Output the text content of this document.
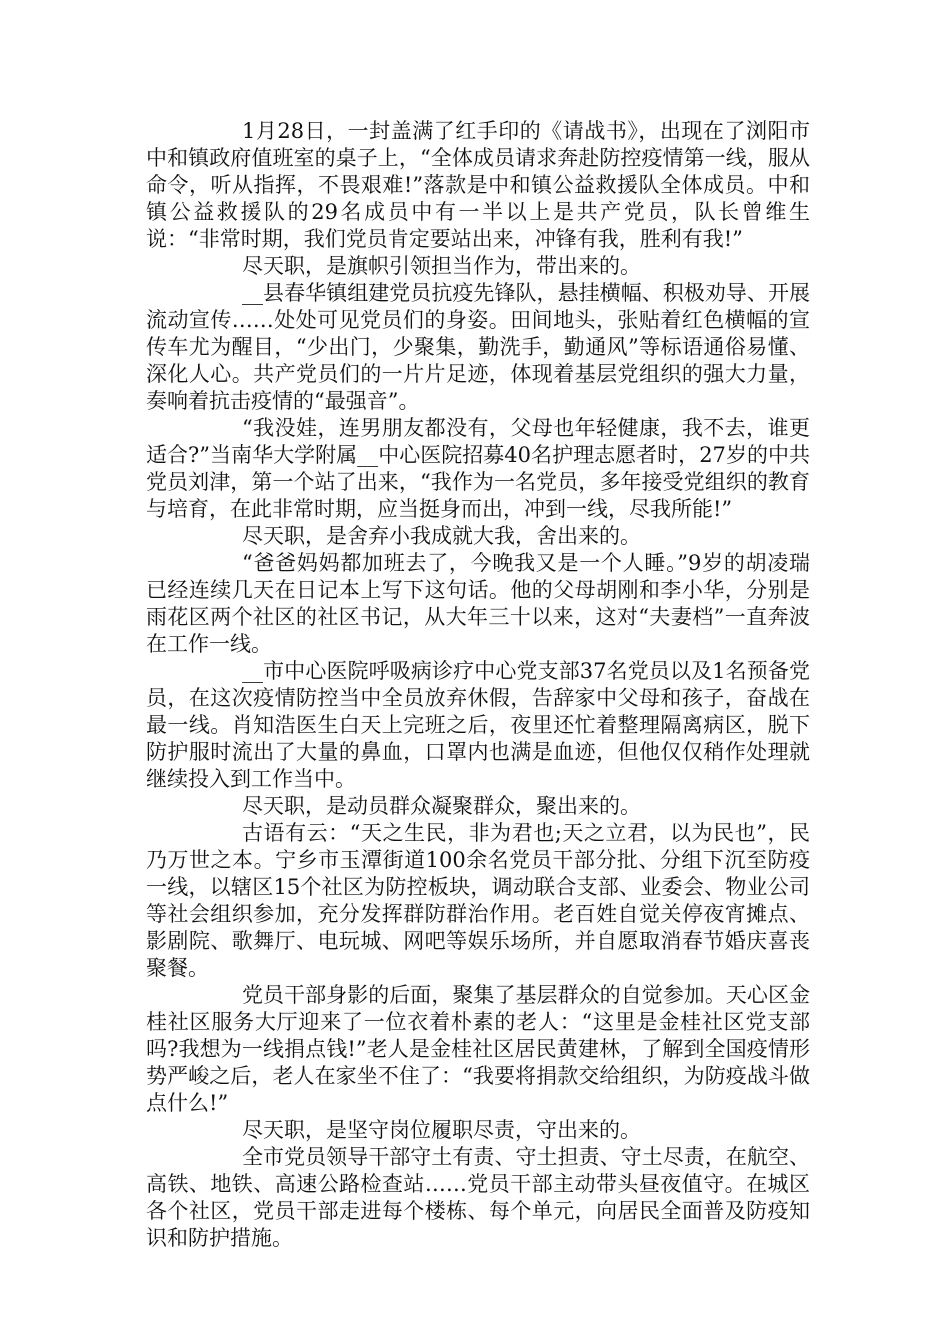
1月28日，一封盖满了红手印的《请战书》，出现在了浏阳市中和镇政府值班室的桌子上，“全体成员请求奔赴防控疫情第一线，服从命令，听从指挥，不畏艰难!”落款是中和镇公益救援队全体成员。中和镇公益救援队的29名成员中有一半以上是共产党员，队长曾维生说：“非常时期，我们党员肯定要站出来，冲锋有我，胜利有我!”

尽天职，是旗帜引领担当作为，带出来的。

__县春华镇组建党员抗疫先锋队，悬挂横幅、积极劝导、开展流动宣传……处处可见党员们的身姿。田间地头，张贴着红色横幅的宣传车尤为醒目，“少出门，少聚集，勤洗手，勤通风”等标语通俗易懂、深化人心。共产党员们的一片片足迹，体现着基层党组织的强大力量，奏响着抗击疫情的“最强音”。

“我没娃，连男朋友都没有，父母也年轻健康，我不去，谁更适合?”当南华大学附属__中心医院招募40名护理志愿者时，27岁的中共党员刘津，第一个站了出来，“我作为一名党员，多年接受党组织的教育与培育，在此非常时期，应当挺身而出，冲到一线，尽我所能!”

尽天职，是舍弃小我成就大我，舍出来的。

“爸爸妈妈都加班去了，今晚我又是一个人睡。”9岁的胡凌瑞已经连续几天在日记本上写下这句话。他的父母胡刚和李小华，分别是雨花区两个社区的社区书记，从大年三十以来，这对“夫妻档”一直奔波在工作一线。

__市中心医院呼吸病诊疗中心党支部37名党员以及1名预备党员，在这次疫情防控当中全员放弃休假，告辞家中父母和孩子，奋战在最一线。肖知浩医生白天上完班之后，夜里还忙着整理隔离病区，脱下防护服时流出了大量的鼻血，口罩内也满是血迹，但他仅仅稍作处理就继续投入到工作当中。

尽天职，是动员群众凝聚群众，聚出来的。

古语有云：“天之生民，非为君也;天之立君，以为民也”，民乃万世之本。宁乡市玉潭街道100余名党员干部分批、分组下沉至防疫一线，以辖区15个社区为防控板块，调动联合支部、业委会、物业公司等社会组织参加，充分发挥群防群治作用。老百姓自觉关停夜宵摊点、影剧院、歌舞厅、电玩城、网吧等娱乐场所，并自愿取消春节婚庆喜丧聚餐。

党员干部身影的后面，聚集了基层群众的自觉参加。天心区金桂社区服务大厅迎来了一位衣着朴素的老人：“这里是金桂社区党支部吗?我想为一线捐点钱!”老人是金桂社区居民黄建林，了解到全国疫情形势严峻之后，老人在家坐不住了：“我要将捐款交给组织，为防疫战斗做点什么!”

尽天职，是坚守岗位履职尽责，守出来的。

全市党员领导干部守土有责、守土担责、守土尽责，在航空、高铁、地铁、高速公路检查站……党员干部主动带头昼夜值守。在城区各个社区，党员干部走进每个楼栋、每个单元，向居民全面普及防疫知识和防护措施。
